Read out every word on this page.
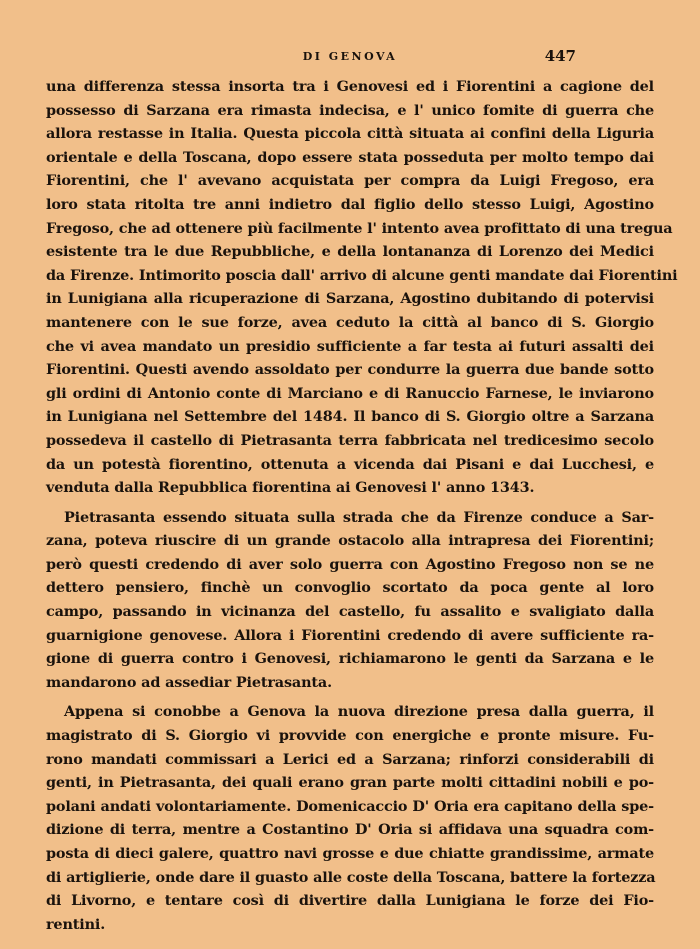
DI GENOVA	447
una differenza stessa insorta tra i Genovesi ed i Fiorentini a cagione del
possesso di Sarzana era rimasta indecisa, e l' unico fomite di guerra che
allora restasse in Italia. Questa piccola città situata ai confini della Liguria
orientale e della Toscana, dopo essere stata posseduta per molto tempo dai
Fiorentini, che l' avevano acquistata per compra da Luigi Fregoso, era
loro stata ritolta tre anni indietro dal figlio dello stesso Luigi, Agostino
Fregoso, che ad ottenere più facilmente l' intento avea profittato di una tregua
esistente tra le due Repubbliche, e della lontananza di Lorenzo dei Medici
da Firenze. Intimorito poscia dall' arrivo di alcune genti mandate dai Fiorentini
in Lunigiana alla ricuperazione di Sarzana, Agostino dubitando di potervisi
mantenere con le sue forze, avea ceduto la città al banco di S. Giorgio
che vi avea mandato un presidio sufficiente a far testa ai futuri assalti dei
Fiorentini. Questi avendo assoldato per condurre la guerra due bande sotto
gli ordini di Antonio conte di Marciano e di Ranuccio Farnese, le inviarono
in Lunigiana nel Settembre del 1484. Il banco di S. Giorgio oltre a Sarzana
possedeva il castello di Pietrasanta terra fabbricata nel tredicesimo secolo
da un potestà fiorentino, ottenuta a vicenda dai Pisani e dai Lucchesi, e
venduta dalla Repubblica fiorentina ai Genovesi l' anno 1343.
Pietrasanta essendo situata sulla strada che da Firenze conduce a Sar-
zana, poteva riuscire di un grande ostacolo alla intrapresa dei Fiorentini;
però questi credendo di aver solo guerra con Agostino Fregoso non se ne
dettero pensiero, finchè un convoglio scortato da poca gente al loro
campo, passando in vicinanza del castello, fu assalito e svaligiato dalla
guarnigione genovese. Allora i Fiorentini credendo di avere sufficiente ra-
gione di guerra contro i Genovesi, richiamarono le genti da Sarzana e le
mandarono ad assediar Pietrasanta.
Appena si conobbe a Genova la nuova direzione presa dalla guerra, il
magistrato di S. Giorgio vi provvide con energiche e pronte misure. Fu-
rono mandati commissari a Lerici ed a Sarzana; rinforzi considerabili di
genti, in Pietrasanta, dei quali erano gran parte molti cittadini nobili e po-
polani andati volontariamente. Domenicaccio D' Oria era capitano della spe-
dizione di terra, mentre a Costantino D' Oria si affidava una squadra com-
posta di dieci galere, quattro navi grosse e due chiatte grandissime, armate
di artiglierie, onde dare il guasto alle coste della Toscana, battere la fortezza
di Livorno, e tentare così di divertire dalla Lunigiana le forze dei Fio-
rentini.
